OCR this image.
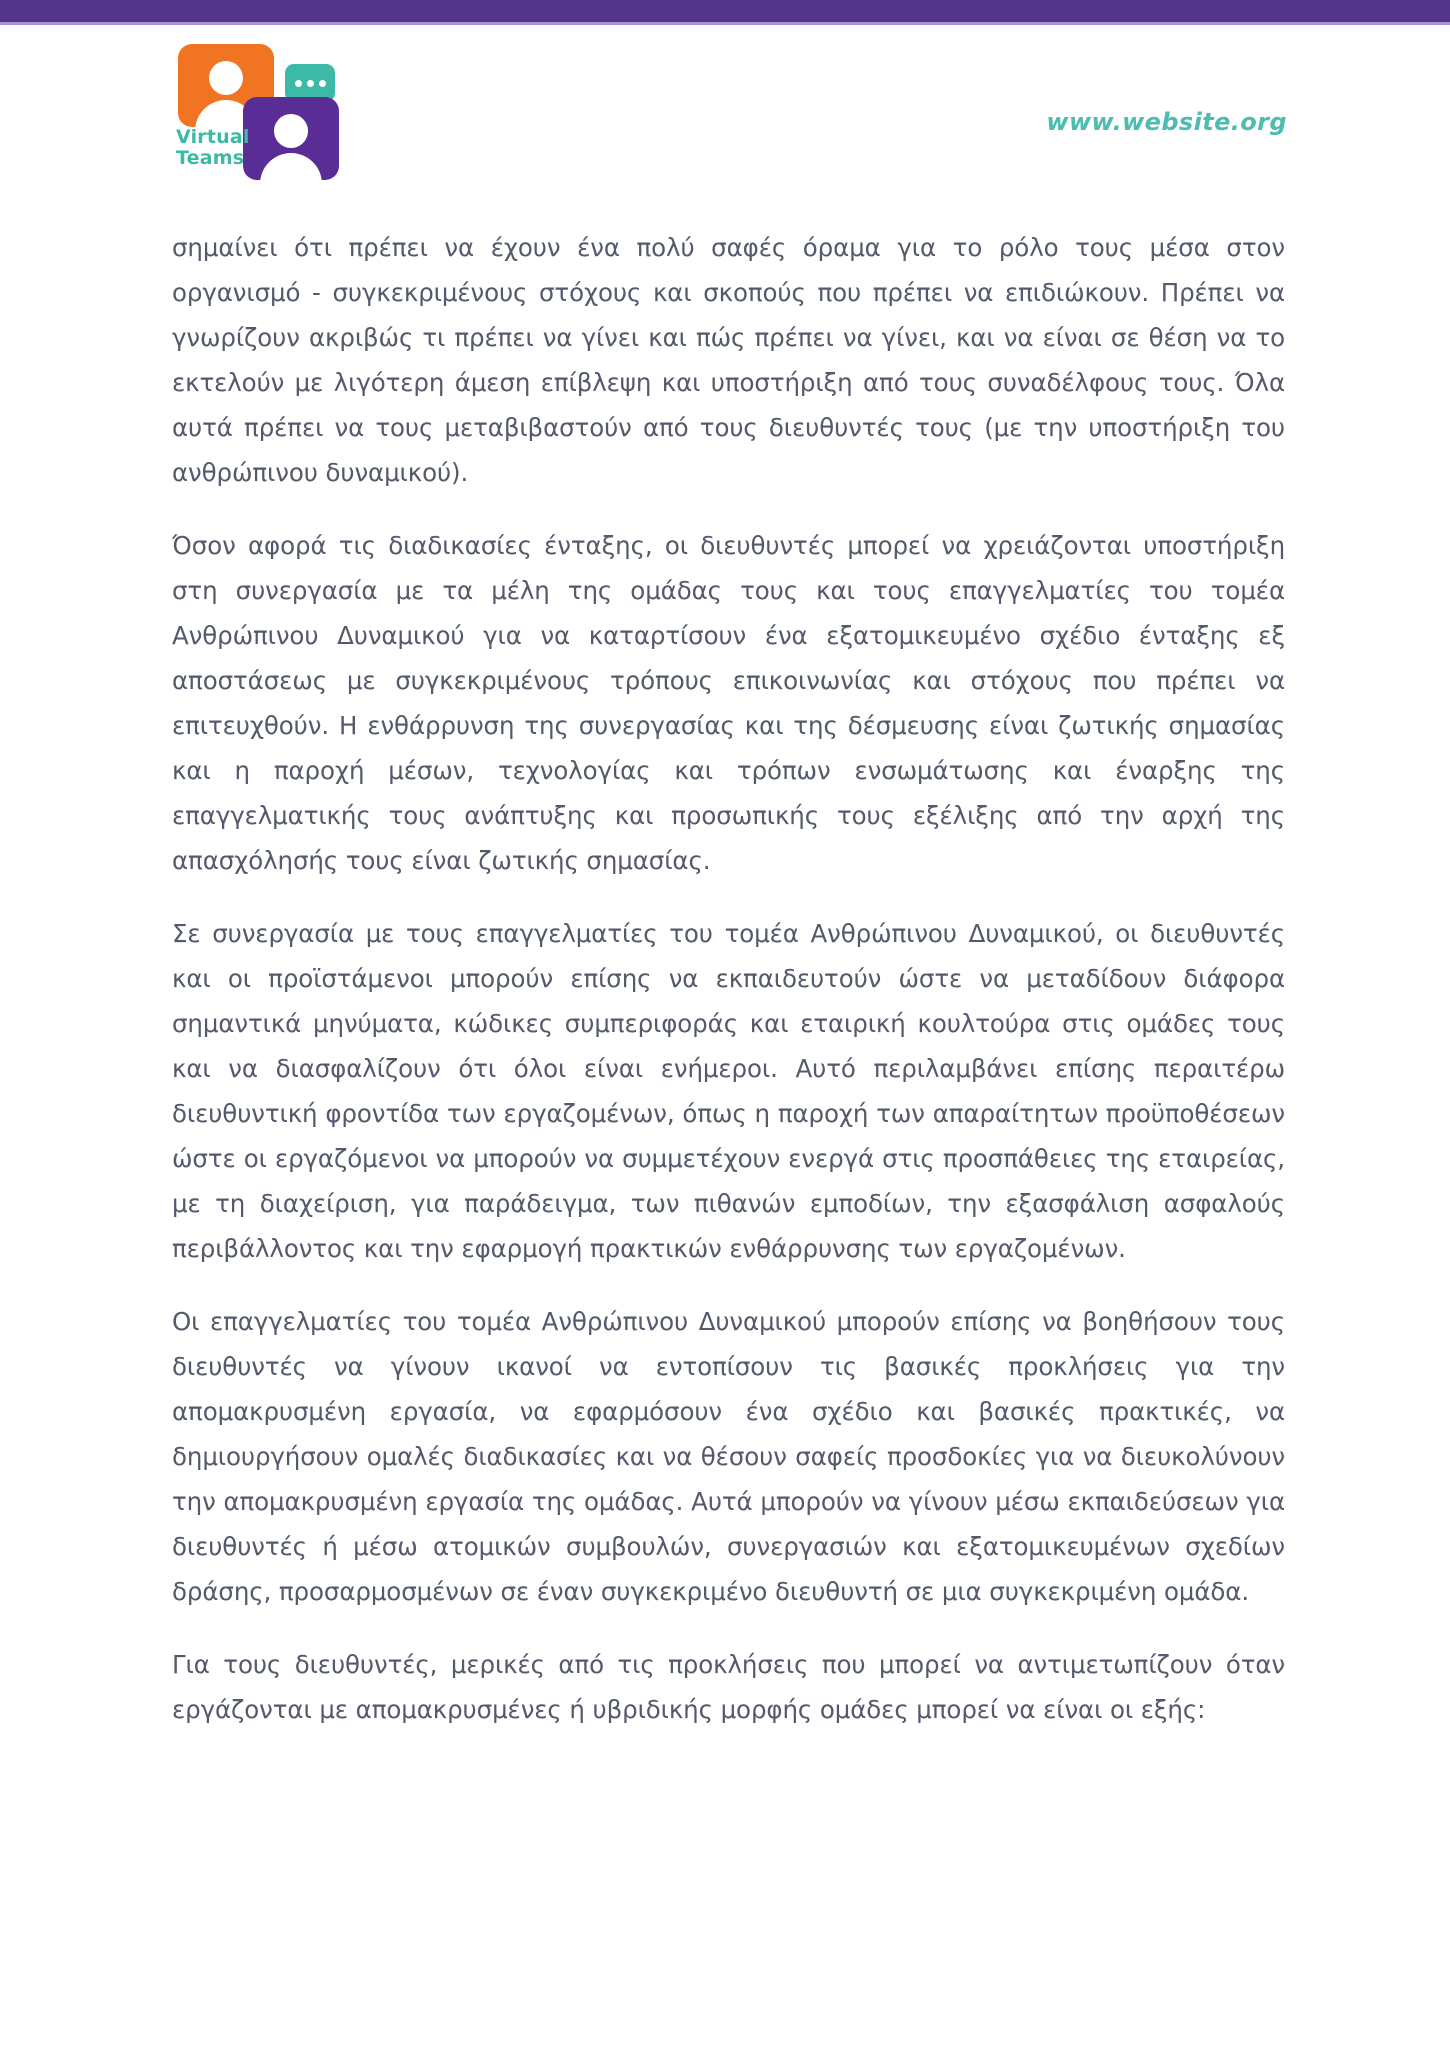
Virtual
Teams
www.website.org

σημαίνει ότι πρέπει να έχουν ένα πολύ σαφές όραμα για το ρόλο τους μέσα στον οργανισμό - συγκεκριμένους στόχους και σκοπούς που πρέπει να επιδιώκουν. Πρέπει να γνωρίζουν ακριβώς τι πρέπει να γίνει και πώς πρέπει να γίνει, και να είναι σε θέση να το εκτελούν με λιγότερη άμεση επίβλεψη και υποστήριξη από τους συναδέλφους τους. Όλα αυτά πρέπει να τους μεταβιβαστούν από τους διευθυντές τους (με την υποστήριξη του ανθρώπινου δυναμικού).

Όσον αφορά τις διαδικασίες ένταξης, οι διευθυντές μπορεί να χρειάζονται υποστήριξη στη συνεργασία με τα μέλη της ομάδας τους και τους επαγγελματίες του τομέα Ανθρώπινου Δυναμικού για να καταρτίσουν ένα εξατομικευμένο σχέδιο ένταξης εξ αποστάσεως με συγκεκριμένους τρόπους επικοινωνίας και στόχους που πρέπει να επιτευχθούν. Η ενθάρρυνση της συνεργασίας και της δέσμευσης είναι ζωτικής σημασίας και η παροχή μέσων, τεχνολογίας και τρόπων ενσωμάτωσης και έναρξης της επαγγελματικής τους ανάπτυξης και προσωπικής τους εξέλιξης από την αρχή της απασχόλησής τους είναι ζωτικής σημασίας.

Σε συνεργασία με τους επαγγελματίες του τομέα Ανθρώπινου Δυναμικού, οι διευθυντές και οι προϊστάμενοι μπορούν επίσης να εκπαιδευτούν ώστε να μεταδίδουν διάφορα σημαντικά μηνύματα, κώδικες συμπεριφοράς και εταιρική κουλτούρα στις ομάδες τους και να διασφαλίζουν ότι όλοι είναι ενήμεροι. Αυτό περιλαμβάνει επίσης περαιτέρω διευθυντική φροντίδα των εργαζομένων, όπως η παροχή των απαραίτητων προϋποθέσεων ώστε οι εργαζόμενοι να μπορούν να συμμετέχουν ενεργά στις προσπάθειες της εταιρείας, με τη διαχείριση, για παράδειγμα, των πιθανών εμποδίων, την εξασφάλιση ασφαλούς περιβάλλοντος και την εφαρμογή πρακτικών ενθάρρυνσης των εργαζομένων.

Οι επαγγελματίες του τομέα Ανθρώπινου Δυναμικού μπορούν επίσης να βοηθήσουν τους διευθυντές να γίνουν ικανοί να εντοπίσουν τις βασικές προκλήσεις για την απομακρυσμένη εργασία, να εφαρμόσουν ένα σχέδιο και βασικές πρακτικές, να δημιουργήσουν ομαλές διαδικασίες και να θέσουν σαφείς προσδοκίες για να διευκολύνουν την απομακρυσμένη εργασία της ομάδας. Αυτά μπορούν να γίνουν μέσω εκπαιδεύσεων για διευθυντές ή μέσω ατομικών συμβουλών, συνεργασιών και εξατομικευμένων σχεδίων δράσης, προσαρμοσμένων σε έναν συγκεκριμένο διευθυντή σε μια συγκεκριμένη ομάδα.

Για τους διευθυντές, μερικές από τις προκλήσεις που μπορεί να αντιμετωπίζουν όταν εργάζονται με απομακρυσμένες ή υβριδικής μορφής ομάδες μπορεί να είναι οι εξής:
